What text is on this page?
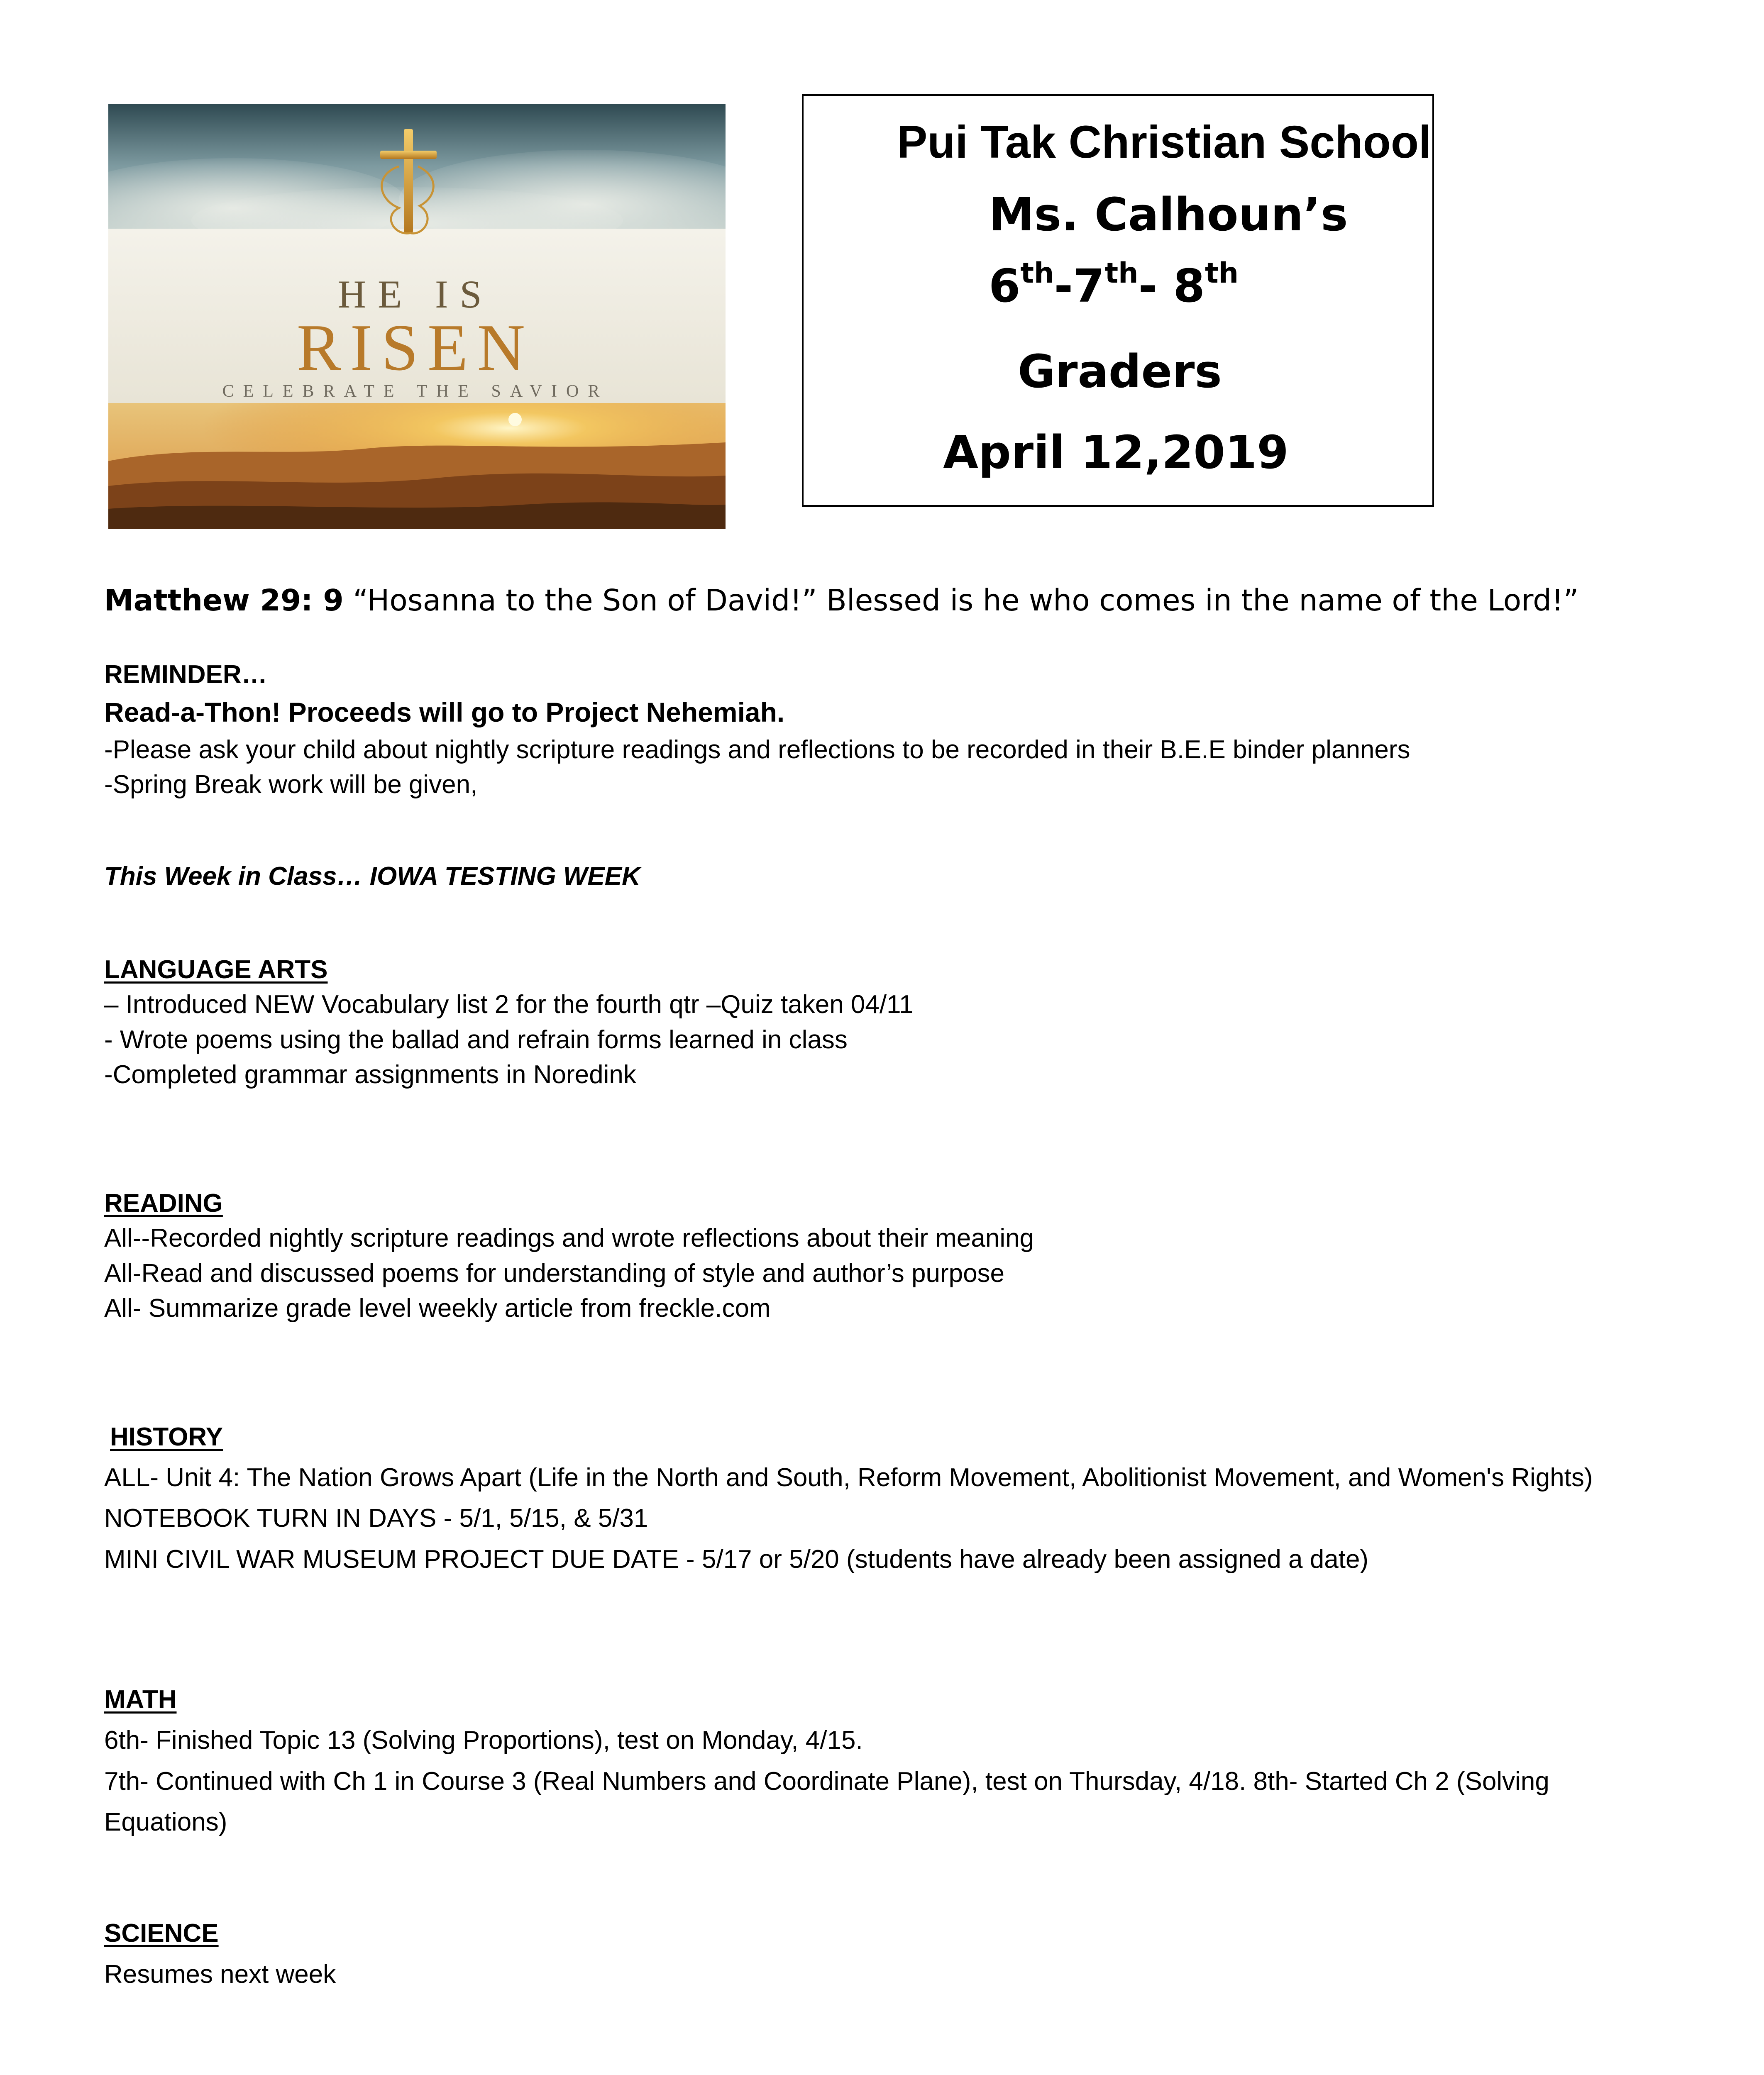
HE IS
RISEN
CELEBRATE THE SAVIOR
Pui Tak Christian School
Ms. Calhoun’s
6th-7th- 8th
Graders
April 12,2019
Matthew 29: 9 “Hosanna to the Son of David!” Blessed is he who comes in the name of the Lord!”
REMINDER…
Read-a-Thon! Proceeds will go to Project Nehemiah.
-Please ask your child about nightly scripture readings and reflections to be recorded in their B.E.E binder planners
-Spring Break work will be given,
This Week in Class… IOWA TESTING WEEK
LANGUAGE ARTS
– Introduced NEW Vocabulary list 2 for the fourth qtr –Quiz taken 04/11
- Wrote poems using the ballad and refrain forms learned in class
-Completed grammar assignments in Noredink
READING
All--Recorded nightly scripture readings and wrote reflections about their meaning
All-Read and discussed poems for understanding of style and author’s purpose
All- Summarize grade level weekly article from freckle.com
HISTORY
ALL- Unit 4: The Nation Grows Apart (Life in the North and South, Reform Movement, Abolitionist Movement, and Women's Rights)
NOTEBOOK TURN IN DAYS - 5/1, 5/15, & 5/31
MINI CIVIL WAR MUSEUM PROJECT DUE DATE - 5/17 or 5/20 (students have already been assigned a date)
MATH
6th- Finished Topic 13 (Solving Proportions), test on Monday, 4/15.
7th- Continued with Ch 1 in Course 3 (Real Numbers and Coordinate Plane), test on Thursday, 4/18. 8th- Started Ch 2 (Solving
Equations)
SCIENCE
Resumes next week
